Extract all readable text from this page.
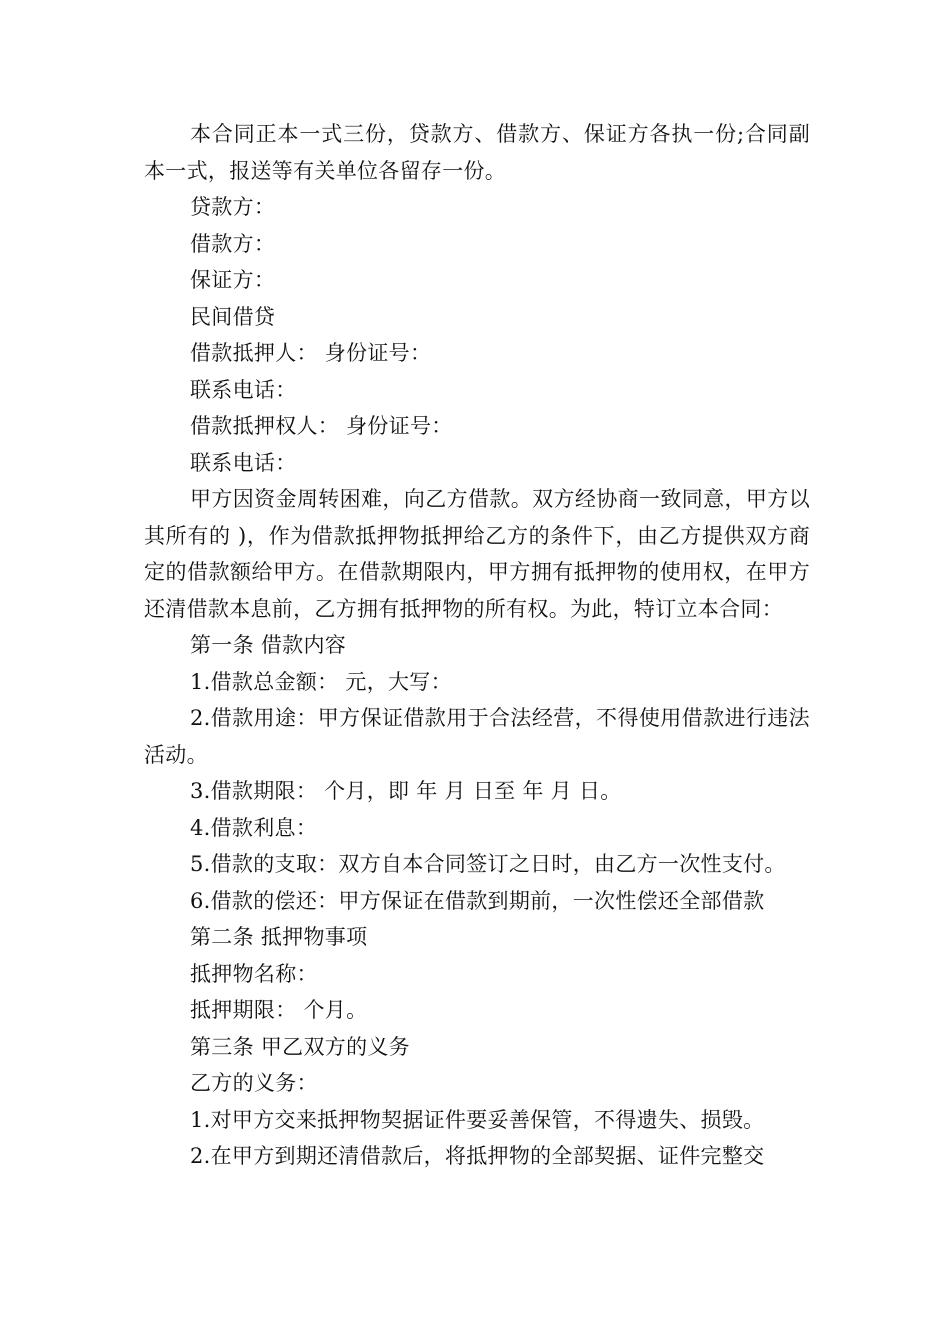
本合同正本一式三份，贷款方、借款方、保证方各执一份;合同副本一式，报送等有关单位各留存一份。

贷款方：

借款方：

保证方：

民间借贷

借款抵押人： 身份证号：

联系电话：

借款抵押权人： 身份证号：

联系电话：

甲方因资金周转困难，向乙方借款。双方经协商一致同意，甲方以其所有的 )，作为借款抵押物抵押给乙方的条件下，由乙方提供双方商定的借款额给甲方。在借款期限内，甲方拥有抵押物的使用权，在甲方还清借款本息前，乙方拥有抵押物的所有权。为此，特订立本合同：

第一条 借款内容

1.借款总金额： 元，大写：

2.借款用途：甲方保证借款用于合法经营，不得使用借款进行违法活动。

3.借款期限： 个月，即 年 月 日至 年 月 日。

4.借款利息：

5.借款的支取：双方自本合同签订之日时，由乙方一次性支付。

6.借款的偿还：甲方保证在借款到期前，一次性偿还全部借款

第二条 抵押物事项

抵押物名称：

抵押期限： 个月。

第三条 甲乙双方的义务

乙方的义务：

1.对甲方交来抵押物契据证件要妥善保管，不得遗失、损毁。

2.在甲方到期还清借款后，将抵押物的全部契据、证件完整交
